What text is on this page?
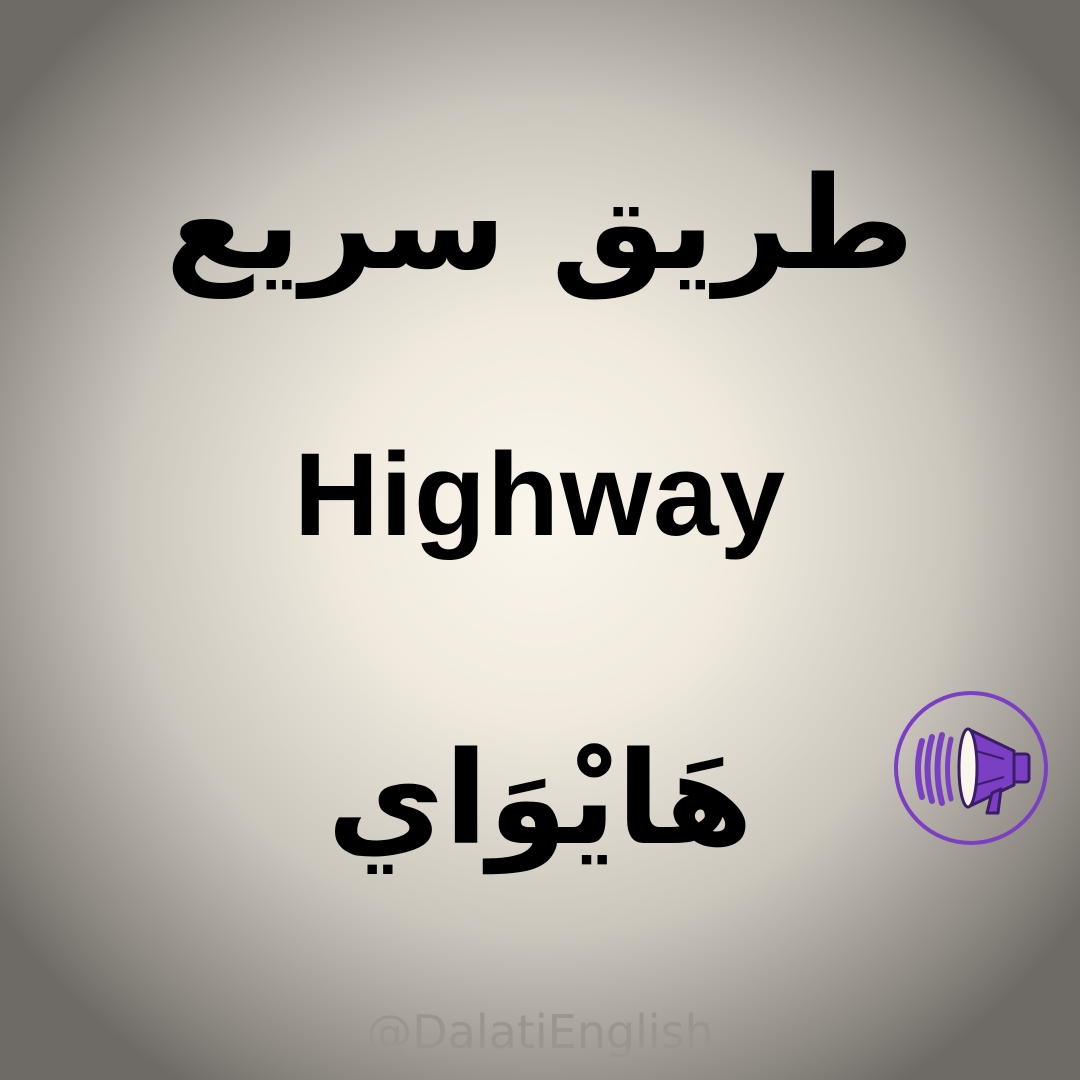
طريق سريع
Highway
هَايْوَاي
@DalatiEnglish
